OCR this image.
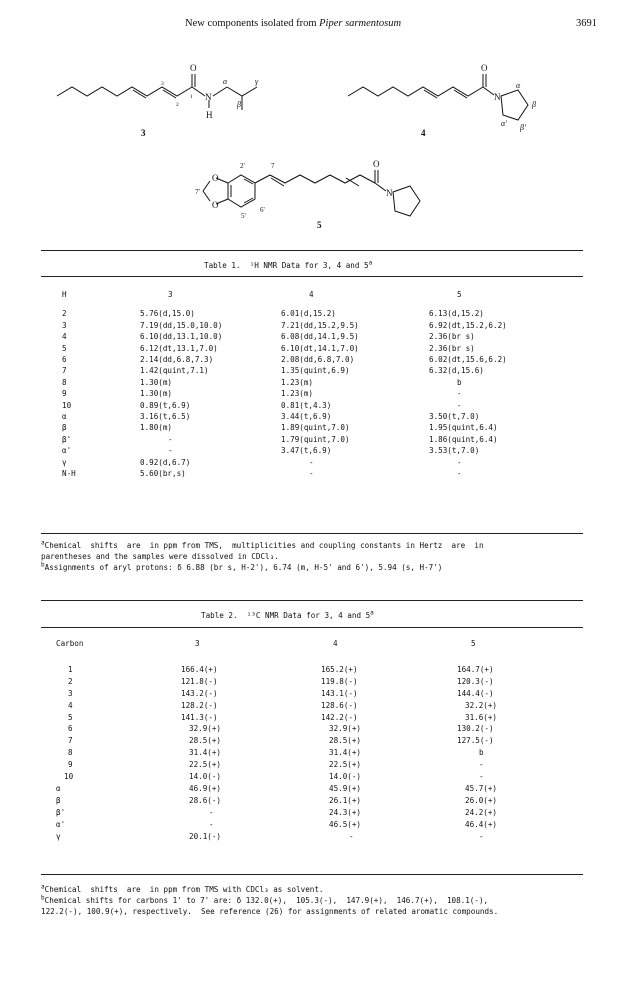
New components isolated from Piper sarmentosum	3691
O
N
H
1
2
3	α
β
γ
3
O
N
α
β
α' β'
4
O
O
7'
2'
6'
5'
7	O
N
5
Table 1.  ¹H NMR Data for 3, 4 and 5$^a$
H	3	4	5

2	5.76(d,15.0)	6.01(d,15.2)	6.13(d,15.2)
3	7.19(dd,15.0,10.0)	7.21(dd,15.2,9.5)	6.92(dt,15.2,6.2)
4	6.10(dd,13.1,10.0)	6.08(dd,14.1,9.5)	2.36(br s)
5	6.12(dt,13.1,7.0)	6.10(dt,14.1,7.0)	2.36(br s)
6	2.14(dd,6.8,7.3)	2.08(dd,6.8,7.0)	6.02(dt,15.6,6.2)
7	1.42(quint,7.1)	1.35(quint,6.9)	6.32(d,15.6)
8	1.30(m)	1.23(m)	b
9	1.30(m)	1.23(m)	-
10	0.89(t,6.9)	0.81(t,4.3)	-
α	3.16(t,6.5)	3.44(t,6.9)	3.50(t,7.0)
β	1.80(m)	1.89(quint,7.0)	1.95(quint,6.4)
β'	-	1.79(quint,7.0)	1.86(quint,6.4)
α'	-	3.47(t,6.9)	3.53(t,7.0)
γ	0.92(d,6.7)	-	-
N-H	5.60(br,s)	-	-
$^a$Chemical  shifts  are  in ppm from TMS,  multiplicities and coupling constants in Hertz  are  in
parentheses and the samples were dissolved in CDCl₃.
$^b$Assignments of aryl protons: δ 6.88 (br s, H-2'), 6.74 (m, H-5' and 6'), 5.94 (s, H-7')
Table 2.  ¹³C NMR Data for 3, 4 and 5$^a$
Carbon	3	4	5

1	166.4(+)	165.2(+)	164.7(+)
2	121.8(-)	119.8(-)	120.3(-)
3	143.2(-)	143.1(-)	144.4(-)
4	128.2(-)	128.6(-)	32.2(+)
5	141.3(-)	142.2(-)	31.6(+)
6	32.9(+)	32.9(+)	130.2(-)
7	28.5(+)	28.5(+)	127.5(-)
8	31.4(+)	31.4(+)	b
9	22.5(+)	22.5(+)	-
10	14.0(-)	14.0(-)	-
α	46.9(+)	45.9(+)	45.7(+)
β	28.6(-)	26.1(+)	26.0(+)
β'	-	24.3(+)	24.2(+)
α'	-	46.5(+)	46.4(+)
γ	20.1(-)	-	-
$^a$Chemical  shifts  are  in ppm from TMS with CDCl₃ as solvent.
$^b$Chemical shifts for carbons 1' to 7' are: δ 132.0(+),  105.3(-),  147.9(+),  146.7(+),  108.1(-),
122.2(-), 100.9(+), respectively.  See reference (26) for assignments of related aromatic compounds.
